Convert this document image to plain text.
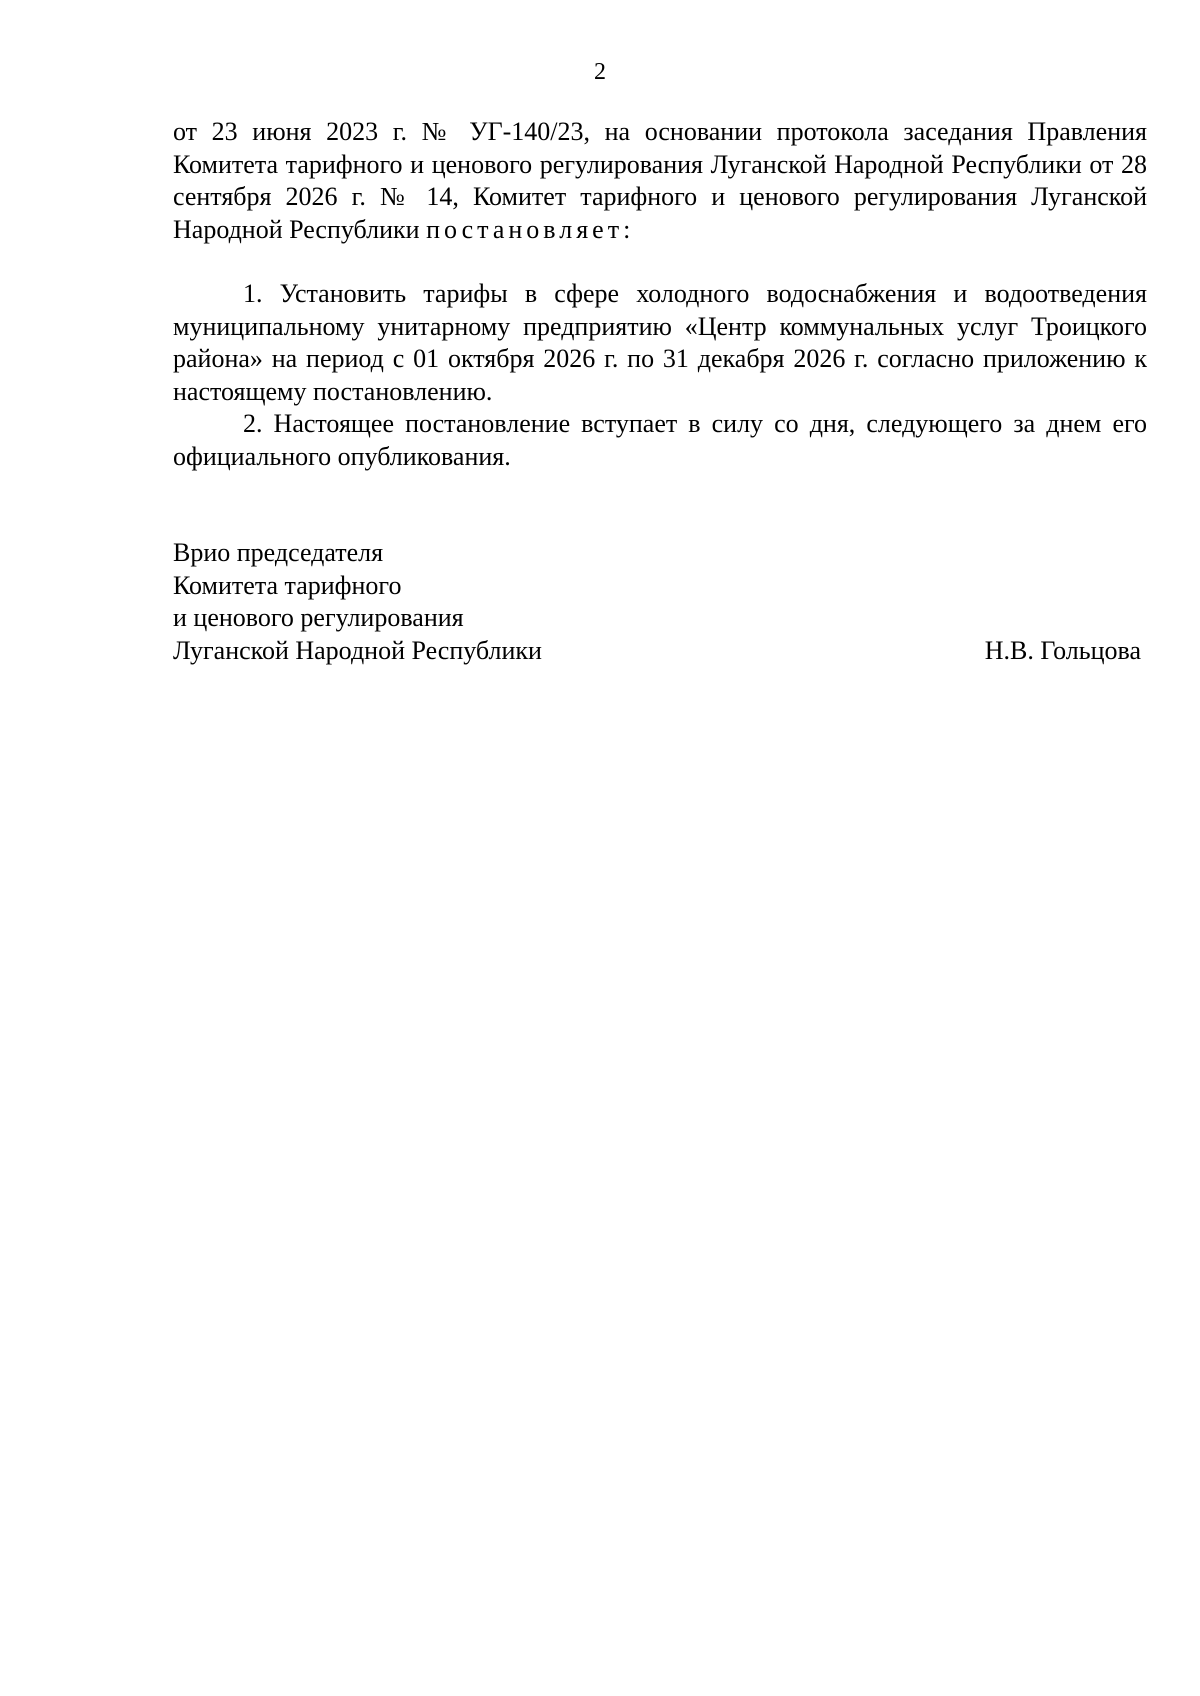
2

от 23 июня 2023 г. № УГ-140/23, на основании протокола заседания Правления Комитета тарифного и ценового регулирования Луганской Народной Республики от 28 сентября 2026 г. № 14, Комитет тарифного и ценового регулирования Луганской Народной Республики постановляет:

1. Установить тарифы в сфере холодного водоснабжения и водоотведения муниципальному унитарному предприятию «Центр коммунальных услуг Троицкого района» на период с 01 октября 2026 г. по 31 декабря 2026 г. согласно приложению к настоящему постановлению.

2. Настоящее постановление вступает в силу со дня, следующего за днем его официального опубликования.

Врио председателя
Комитета тарифного
и ценового регулирования
Луганской Народной Республики	Н.В. Гольцова
